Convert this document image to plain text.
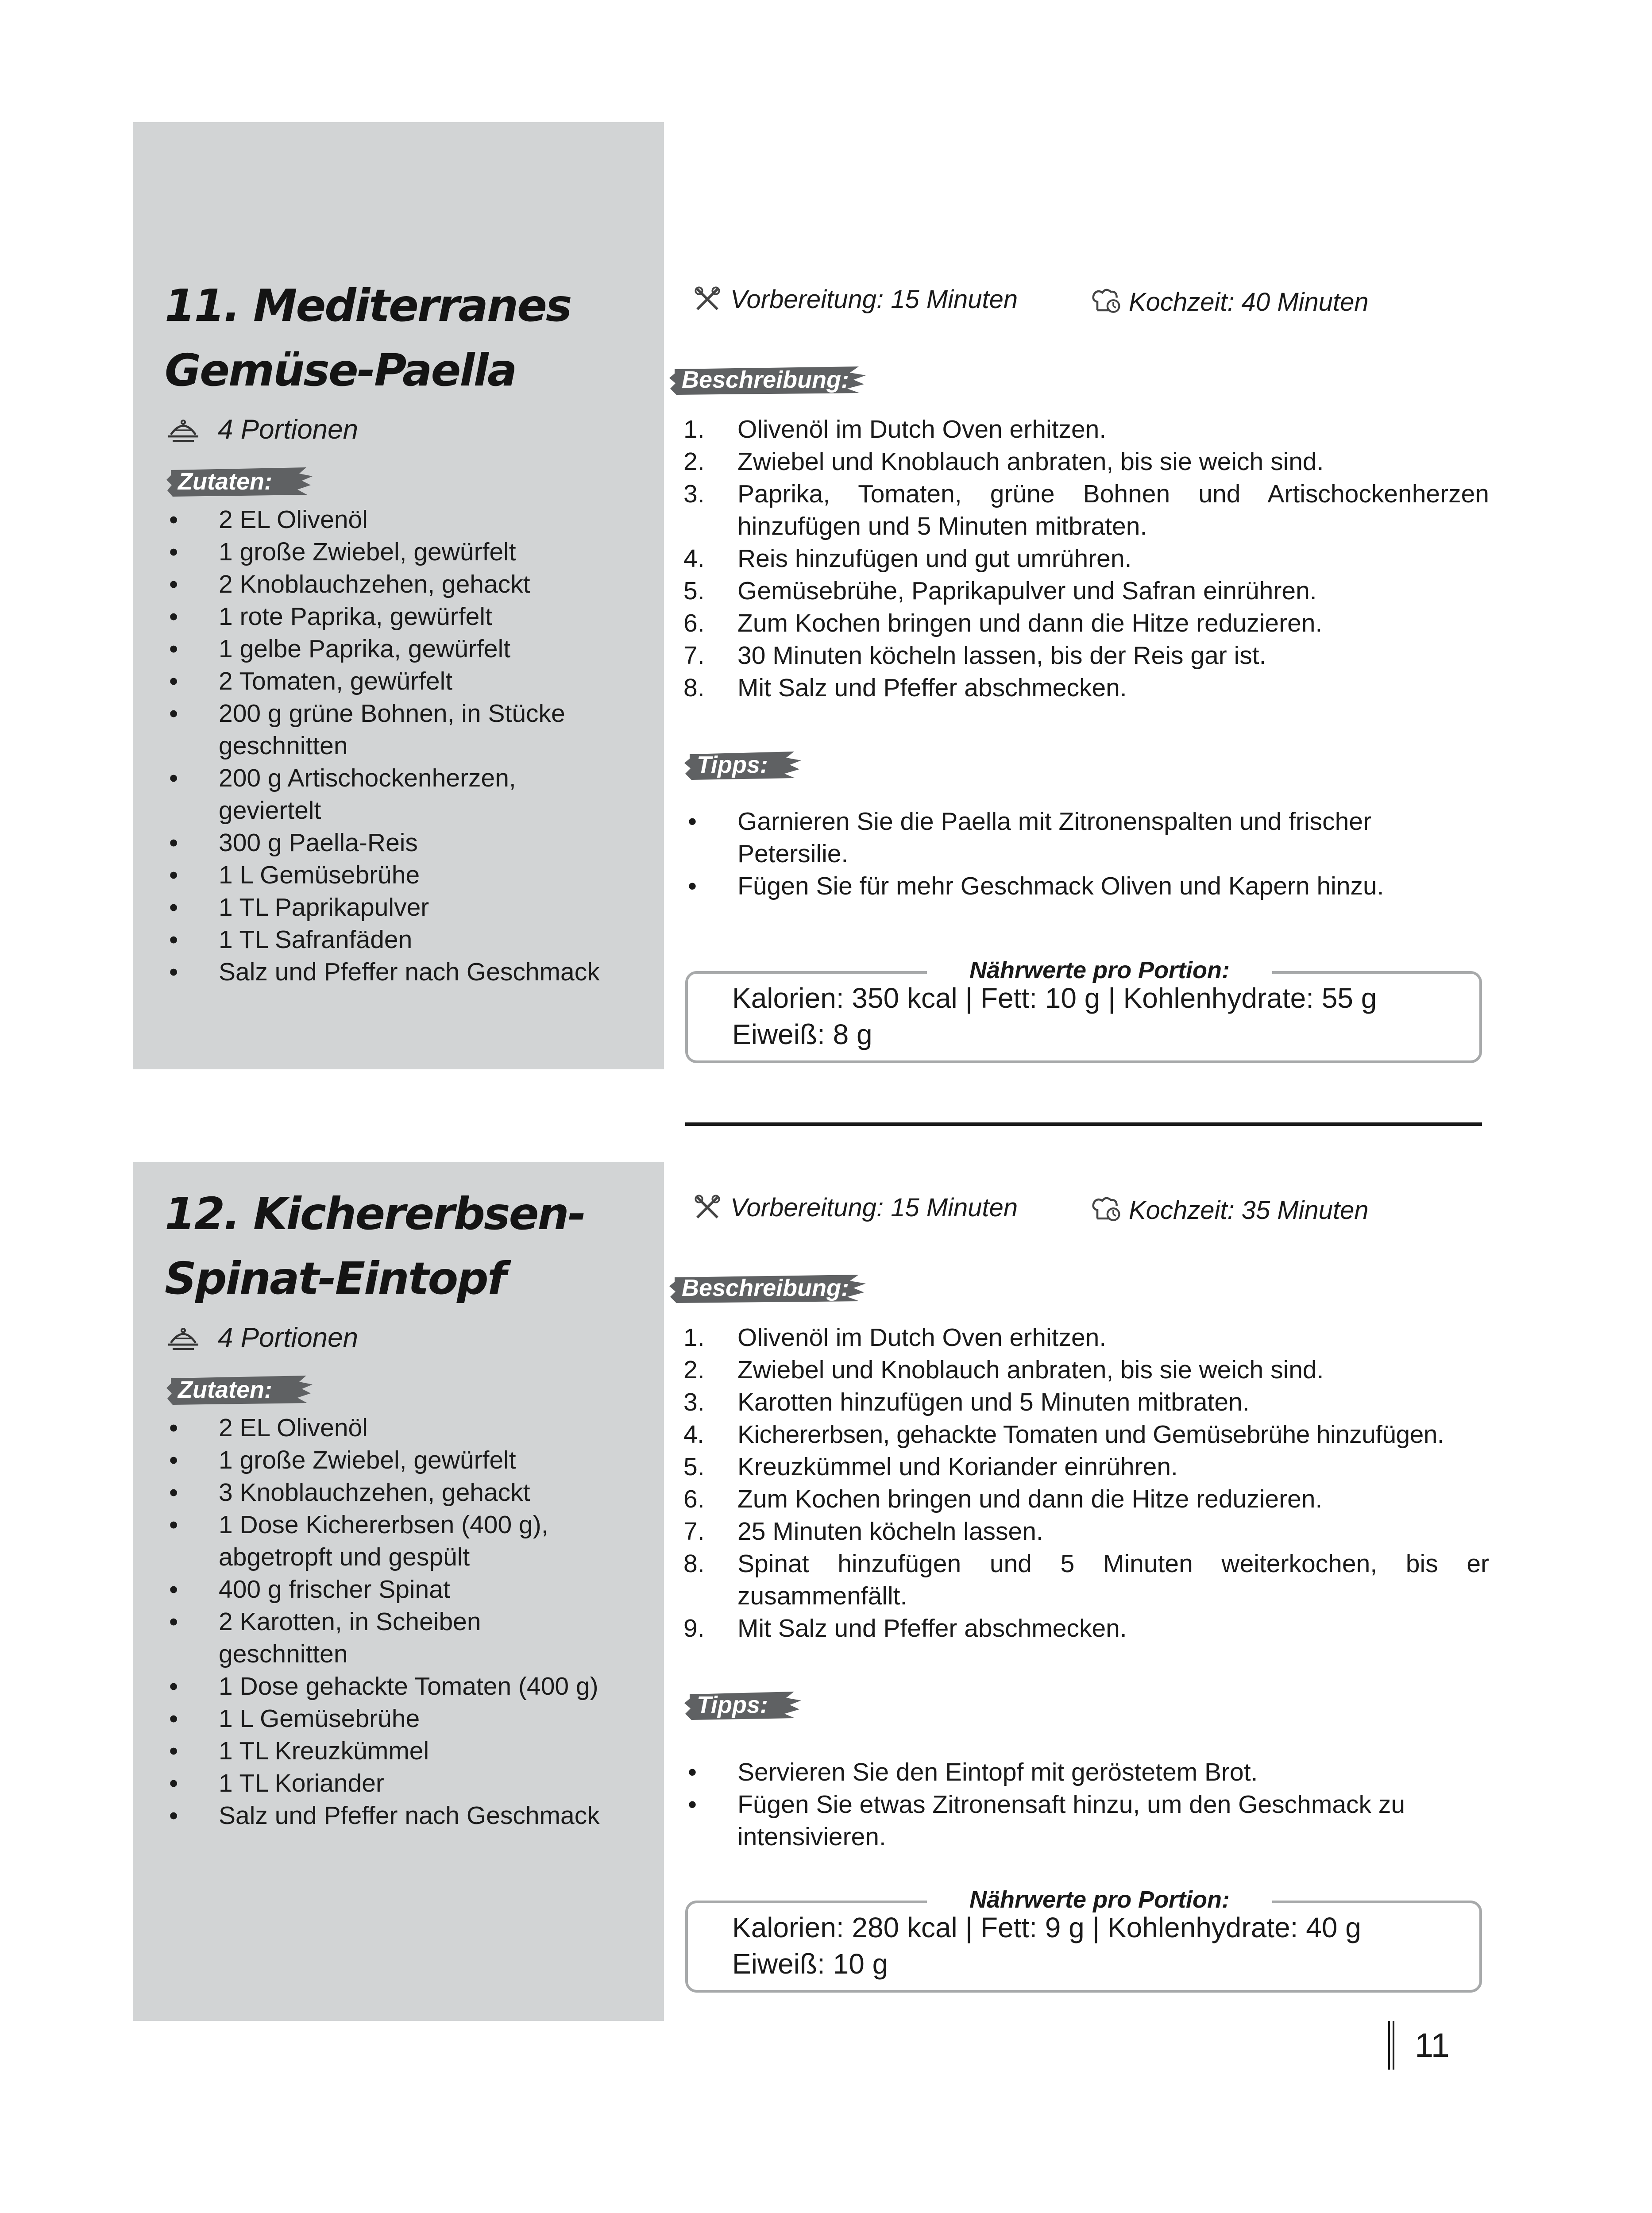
11. Mediterranes
Gemüse-Paella
4 Portionen
Zutaten:
• 2 EL Olivenöl
• 1 große Zwiebel, gewürfelt
• 2 Knoblauchzehen, gehackt
• 1 rote Paprika, gewürfelt
• 1 gelbe Paprika, gewürfelt
• 2 Tomaten, gewürfelt
• 200 g grüne Bohnen, in Stücke geschnitten
• 200 g Artischockenherzen, geviertelt
• 300 g Paella-Reis
• 1 L Gemüsebrühe
• 1 TL Paprikapulver
• 1 TL Safranfäden
• Salz und Pfeffer nach Geschmack
Vorbereitung: 15 Minuten	Kochzeit: 40 Minuten
Beschreibung:
1. Olivenöl im Dutch Oven erhitzen.
2. Zwiebel und Knoblauch anbraten, bis sie weich sind.
3. Paprika, Tomaten, grüne Bohnen und Artischockenherzen hinzufügen und 5 Minuten mitbraten.
4. Reis hinzufügen und gut umrühren.
5. Gemüsebrühe, Paprikapulver und Safran einrühren.
6. Zum Kochen bringen und dann die Hitze reduzieren.
7. 30 Minuten köcheln lassen, bis der Reis gar ist.
8. Mit Salz und Pfeffer abschmecken.
Tipps:
• Garnieren Sie die Paella mit Zitronenspalten und frischer Petersilie.
• Fügen Sie für mehr Geschmack Oliven und Kapern hinzu.
Nährwerte pro Portion:
Kalorien: 350 kcal | Fett: 10 g | Kohlenhydrate: 55 g
Eiweiß: 8 g
12. Kichererbsen-
Spinat-Eintopf
4 Portionen
Zutaten:
• 2 EL Olivenöl
• 1 große Zwiebel, gewürfelt
• 3 Knoblauchzehen, gehackt
• 1 Dose Kichererbsen (400 g), abgetropft und gespült
• 400 g frischer Spinat
• 2 Karotten, in Scheiben geschnitten
• 1 Dose gehackte Tomaten (400 g)
• 1 L Gemüsebrühe
• 1 TL Kreuzkümmel
• 1 TL Koriander
• Salz und Pfeffer nach Geschmack
Vorbereitung: 15 Minuten	Kochzeit: 35 Minuten
Beschreibung:
1. Olivenöl im Dutch Oven erhitzen.
2. Zwiebel und Knoblauch anbraten, bis sie weich sind.
3. Karotten hinzufügen und 5 Minuten mitbraten.
4. Kichererbsen, gehackte Tomaten und Gemüsebrühe hinzufügen.
5. Kreuzkümmel und Koriander einrühren.
6. Zum Kochen bringen und dann die Hitze reduzieren.
7. 25 Minuten köcheln lassen.
8. Spinat hinzufügen und 5 Minuten weiterkochen, bis er zusammenfällt.
9. Mit Salz und Pfeffer abschmecken.
Tipps:
• Servieren Sie den Eintopf mit geröstetem Brot.
• Fügen Sie etwas Zitronensaft hinzu, um den Geschmack zu intensivieren.
Nährwerte pro Portion:
Kalorien: 280 kcal | Fett: 9 g | Kohlenhydrate: 40 g
Eiweiß: 10 g
11
